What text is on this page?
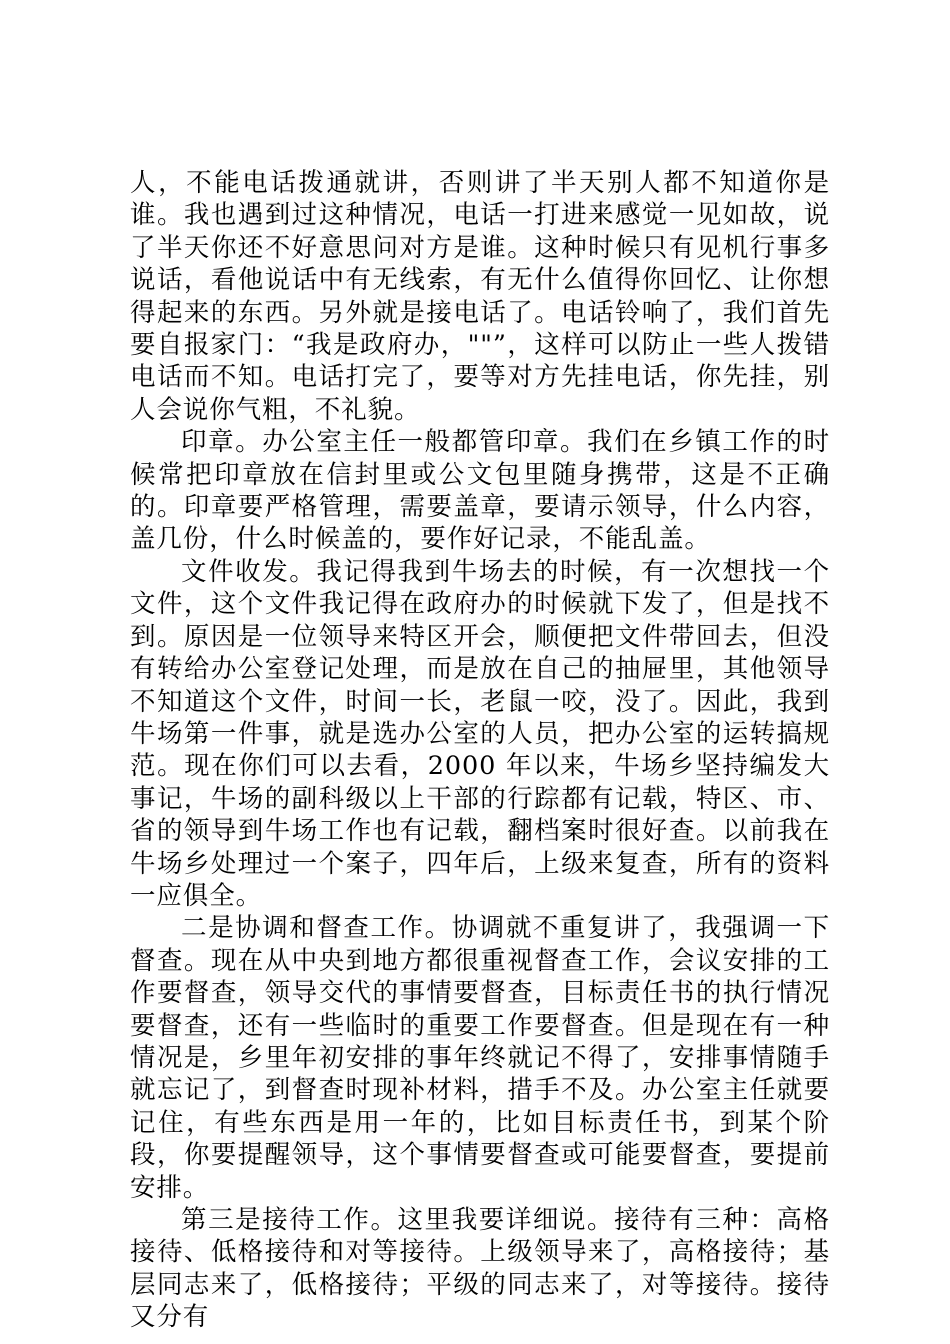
人，不能电话拨通就讲，否则讲了半天别人都不知道你是谁。我也遇到过这种情况，电话一打进来感觉一见如故，说了半天你还不好意思问对方是谁。这种时候只有见机行事多说话，看他说话中有无线索，有无什么值得你回忆、让你想得起来的东西。另外就是接电话了。电话铃响了，我们首先要自报家门：“我是政府办，""”，这样可以防止一些人拨错电话而不知。电话打完了，要等对方先挂电话，你先挂，别人会说你气粗，不礼貌。

印章。办公室主任一般都管印章。我们在乡镇工作的时候常把印章放在信封里或公文包里随身携带，这是不正确的。印章要严格管理，需要盖章，要请示领导，什么内容，盖几份，什么时候盖的，要作好记录，不能乱盖。

文件收发。我记得我到牛场去的时候，有一次想找一个文件，这个文件我记得在政府办的时候就下发了，但是找不到。原因是一位领导来特区开会，顺便把文件带回去，但没有转给办公室登记处理，而是放在自己的抽屉里，其他领导不知道这个文件，时间一长，老鼠一咬，没了。因此，我到牛场第一件事，就是选办公室的人员，把办公室的运转搞规范。现在你们可以去看，2000 年以来，牛场乡坚持编发大事记，牛场的副科级以上干部的行踪都有记载，特区、市、省的领导到牛场工作也有记载，翻档案时很好查。以前我在牛场乡处理过一个案子，四年后，上级来复查，所有的资料一应俱全。

二是协调和督查工作。协调就不重复讲了，我强调一下督查。现在从中央到地方都很重视督查工作，会议安排的工作要督查，领导交代的事情要督查，目标责任书的执行情况要督查，还有一些临时的重要工作要督查。但是现在有一种情况是，乡里年初安排的事年终就记不得了，安排事情随手就忘记了，到督查时现补材料，措手不及。办公室主任就要记住，有些东西是用一年的，比如目标责任书，到某个阶段，你要提醒领导，这个事情要督查或可能要督查，要提前安排。

第三是接待工作。这里我要详细说。接待有三种：高格接待、低格接待和对等接待。上级领导来了，高格接待；基层同志来了，低格接待；平级的同志来了，对等接待。接待又分有
